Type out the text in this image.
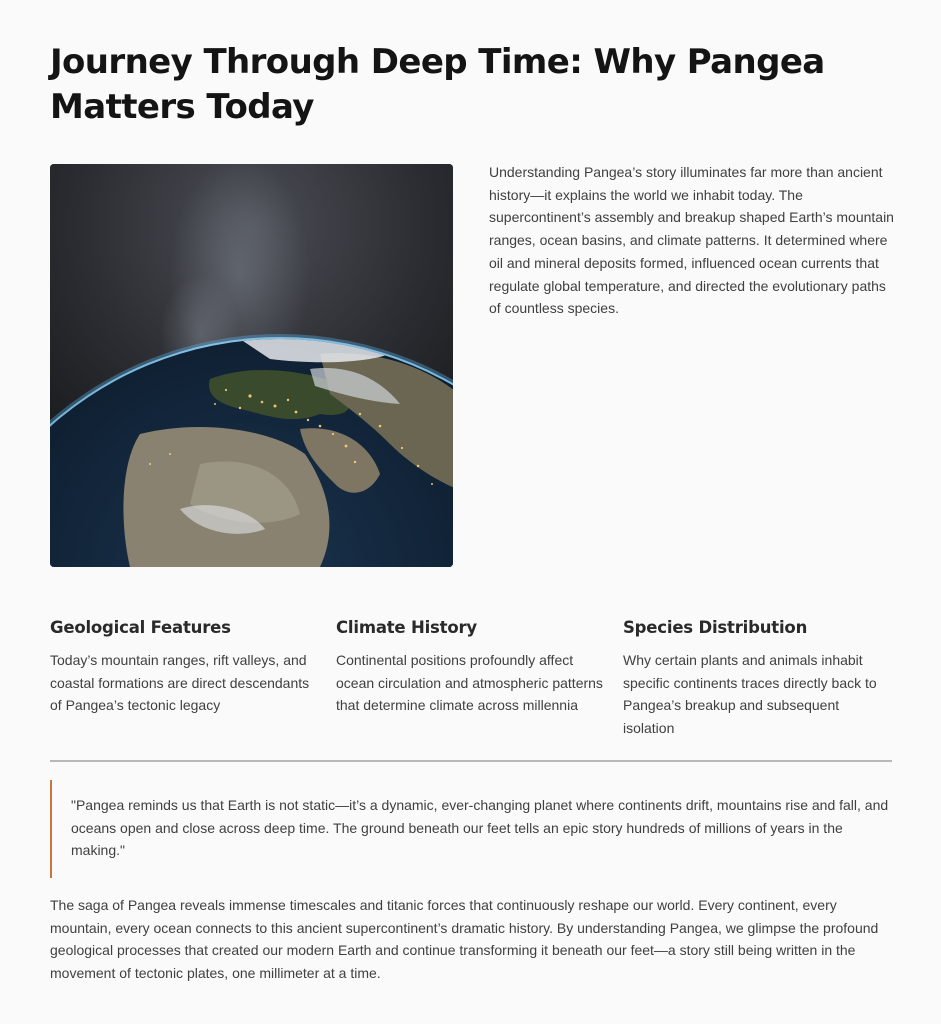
Journey Through Deep Time: Why Pangea Matters Today

Understanding Pangea’s story illuminates far more than ancient history—it explains the world we inhabit today. The supercontinent’s assembly and breakup shaped Earth’s mountain ranges, ocean basins, and climate patterns. It determined where oil and mineral deposits formed, influenced ocean currents that regulate global temperature, and directed the evolutionary paths of countless species.

Geological Features

Today’s mountain ranges, rift valleys, and coastal formations are direct descendants of Pangea’s tectonic legacy

Climate History

Continental positions profoundly affect ocean circulation and atmospheric patterns that determine climate across millennia

Species Distribution

Why certain plants and animals inhabit specific continents traces directly back to Pangea’s breakup and subsequent isolation

"Pangea reminds us that Earth is not static—it’s a dynamic, ever-changing planet where continents drift, mountains rise and fall, and oceans open and close across deep time. The ground beneath our feet tells an epic story hundreds of millions of years in the making."

The saga of Pangea reveals immense timescales and titanic forces that continuously reshape our world. Every continent, every mountain, every ocean connects to this ancient supercontinent’s dramatic history. By understanding Pangea, we glimpse the profound geological processes that created our modern Earth and continue transforming it beneath our feet—a story still being written in the movement of tectonic plates, one millimeter at a time.
